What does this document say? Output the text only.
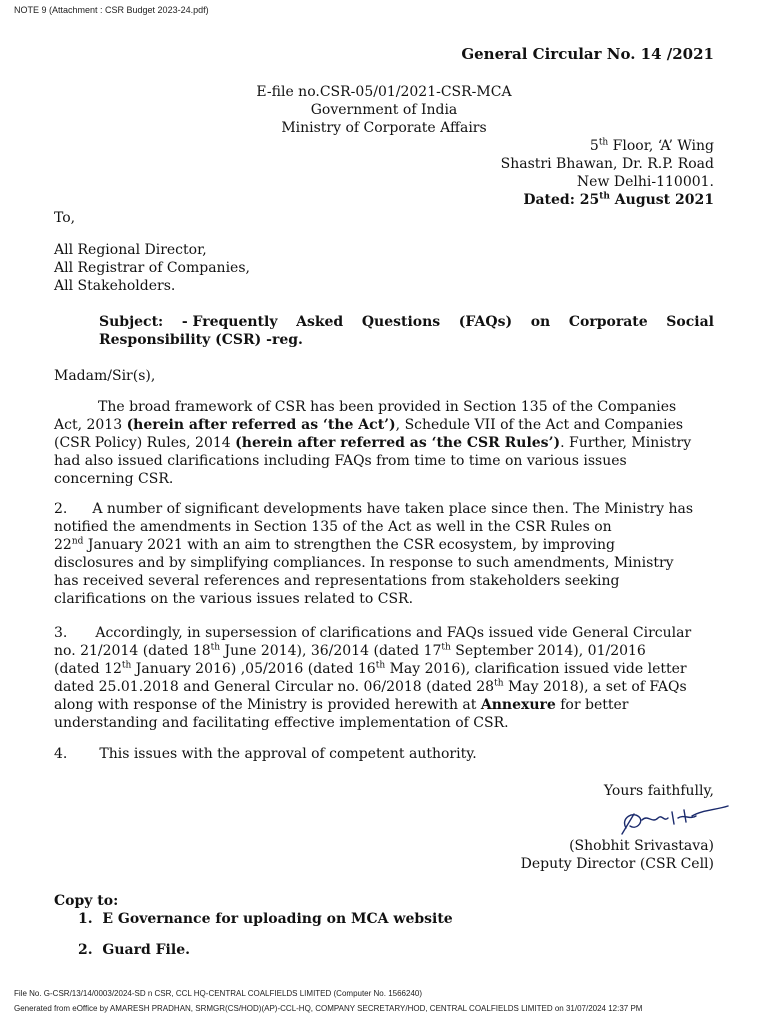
NOTE 9 (Attachment : CSR Budget 2023-24.pdf)
General Circular No. 14 /2021
E-file no.CSR-05/01/2021-CSR-MCA
Government of India
Ministry of Corporate Affairs
5th Floor, ‘A’ Wing
Shastri Bhawan, Dr. R.P. Road
New Delhi-110001.
Dated: 25th August 2021
To,
All Regional Director,
All Registrar of Companies,
All Stakeholders.
Subject: - Frequently Asked Questions (FAQs) on Corporate Social
Responsibility (CSR) -reg.
Madam/Sir(s),
The broad framework of CSR has been provided in Section 135 of the Companies
Act, 2013 (herein after referred as ‘the Act’), Schedule VII of the Act and Companies
(CSR Policy) Rules, 2014 (herein after referred as ‘the CSR Rules’). Further, Ministry
had also issued clarifications including FAQs from time to time on various issues
concerning CSR.
2. A number of significant developments have taken place since then. The Ministry has
notified the amendments in Section 135 of the Act as well in the CSR Rules on
22nd January 2021 with an aim to strengthen the CSR ecosystem, by improving
disclosures and by simplifying compliances. In response to such amendments, Ministry
has received several references and representations from stakeholders seeking
clarifications on the various issues related to CSR.
3. Accordingly, in supersession of clarifications and FAQs issued vide General Circular
no. 21/2014 (dated 18th June 2014), 36/2014 (dated 17th September 2014), 01/2016
(dated 12th January 2016) ,05/2016 (dated 16th May 2016), clarification issued vide letter
dated 25.01.2018 and General Circular no. 06/2018 (dated 28th May 2018), a set of FAQs
along with response of the Ministry is provided herewith at Annexure for better
understanding and facilitating effective implementation of CSR.
4.	This issues with the approval of competent authority.
Yours faithfully,
(Shobhit Srivastava)
Deputy Director (CSR Cell)
Copy to:
1. E Governance for uploading on MCA website
2. Guard File.
File No. G-CSR/13/14/0003/2024-SD n CSR, CCL HQ-CENTRAL COALFIELDS LIMITED (Computer No. 1566240)
Generated from eOffice by AMARESH PRADHAN, SRMGR(CS/HOD)(AP)-CCL-HQ, COMPANY SECRETARY/HOD, CENTRAL COALFIELDS LIMITED on 31/07/2024 12:37 PM
